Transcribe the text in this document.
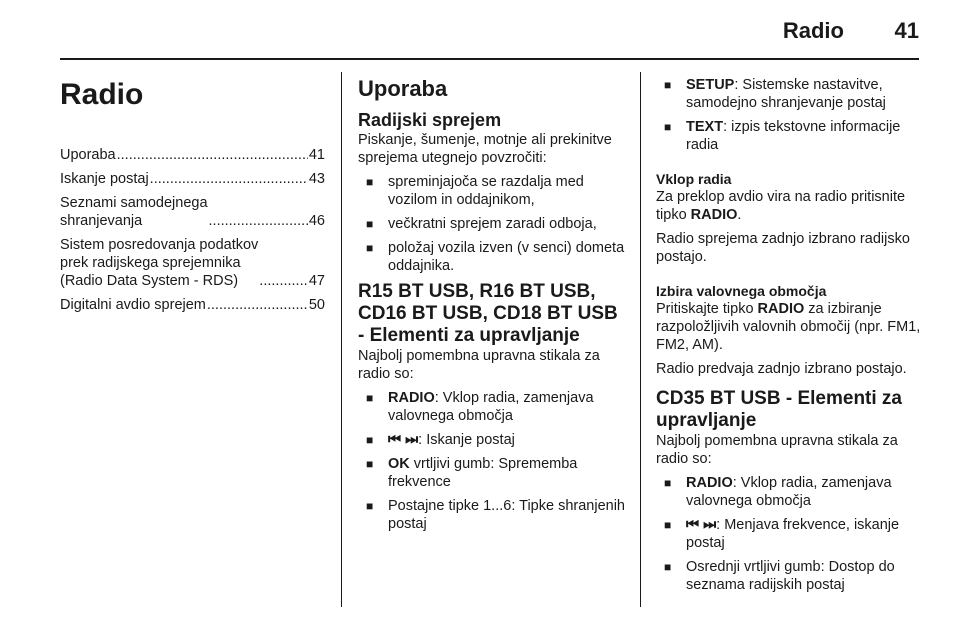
Radio 41
Radio
Uporaba .....	41
Iskanje postaj .....	43
Seznami samodejnega
shranjevanja .....	46
Sistem posredovanja podatkov
prek radijskega sprejemnika
(Radio Data System - RDS) .....	47
Digitalni avdio sprejem .....	50
Uporaba
Radijski sprejem
Piskanje, šumenje, motnje ali prekinitve sprejema utegnejo povzročiti:
■ spreminjajoča se razdalja med vozilom in oddajnikom,
■ večkratni sprejem zaradi odboja,
■ položaj vozila izven (v senci) dometa oddajnika.
R15 BT USB, R16 BT USB, CD16 BT USB, CD18 BT USB - Elementi za upravljanje
Najbolj pomembna upravna stikala za radio so:
■ RADIO: Vklop radia, zamenjava valovnega območja
■ ⏮ ⏭: Iskanje postaj
■ OK vrtljivi gumb: Sprememba frekvence
■ Postajne tipke 1...6: Tipke shranjenih postaj
■ SETUP: Sistemske nastavitve, samodejno shranjevanje postaj
■ TEXT: izpis tekstovne informacije radia
Vklop radia
Za preklop avdio vira na radio pritisnite tipko RADIO.
Radio sprejema zadnjo izbrano radijsko postajo.
Izbira valovnega območja
Pritiskajte tipko RADIO za izbiranje razpoložljivih valovnih območij (npr. FM1, FM2, AM).
Radio predvaja zadnjo izbrano postajo.
CD35 BT USB - Elementi za upravljanje
Najbolj pomembna upravna stikala za radio so:
■ RADIO: Vklop radia, zamenjava valovnega območja
■ ⏮ ⏭: Menjava frekvence, iskanje postaj
■ Osrednji vrtljivi gumb: Dostop do seznama radijskih postaj
